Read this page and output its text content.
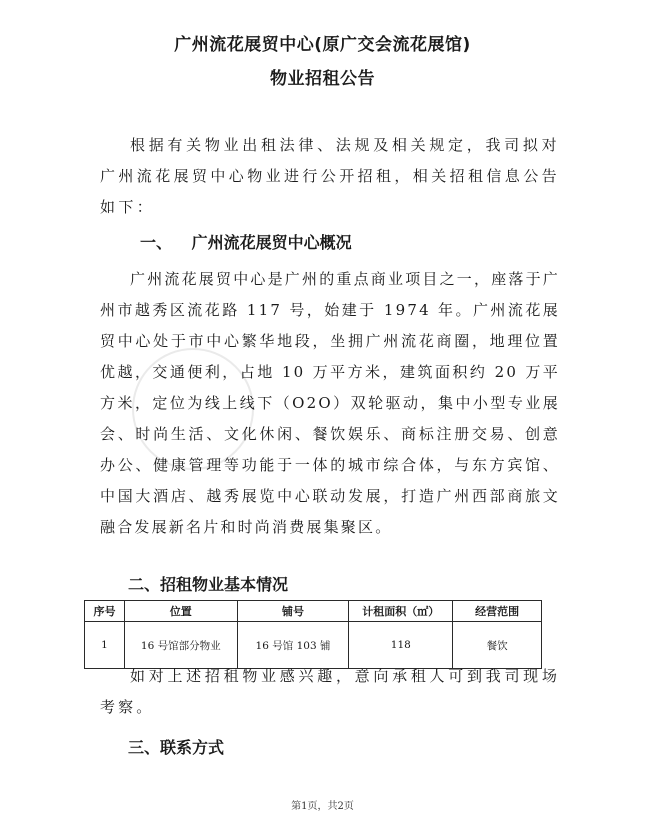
广州流花展贸中心(原广交会流花展馆)
物业招租公告

根据有关物业出租法律、法规及相关规定，我司拟对广州流花展贸中心物业进行公开招租，相关招租信息公告如下：

一、 广州流花展贸中心概况

广州流花展贸中心是广州的重点商业项目之一，座落于广州市越秀区流花路 117 号，始建于 1974 年。广州流花展贸中心处于市中心繁华地段，坐拥广州流花商圈，地理位置优越，交通便利，占地 10 万平方米，建筑面积约 20 万平方米，定位为线上线下（O2O）双轮驱动，集中小型专业展会、时尚生活、文化休闲、餐饮娱乐、商标注册交易、创意办公、健康管理等功能于一体的城市综合体，与东方宾馆、中国大酒店、越秀展览中心联动发展，打造广州西部商旅文融合发展新名片和时尚消费展集聚区。

二、招租物业基本情况
序号	位置	铺号	计租面积（㎡）	经营范围
1	16 号馆部分物业	16 号馆 103 铺	118	餐饮

如对上述招租物业感兴趣，意向承租人可到我司现场考察。

三、联系方式
第1页，共2页
